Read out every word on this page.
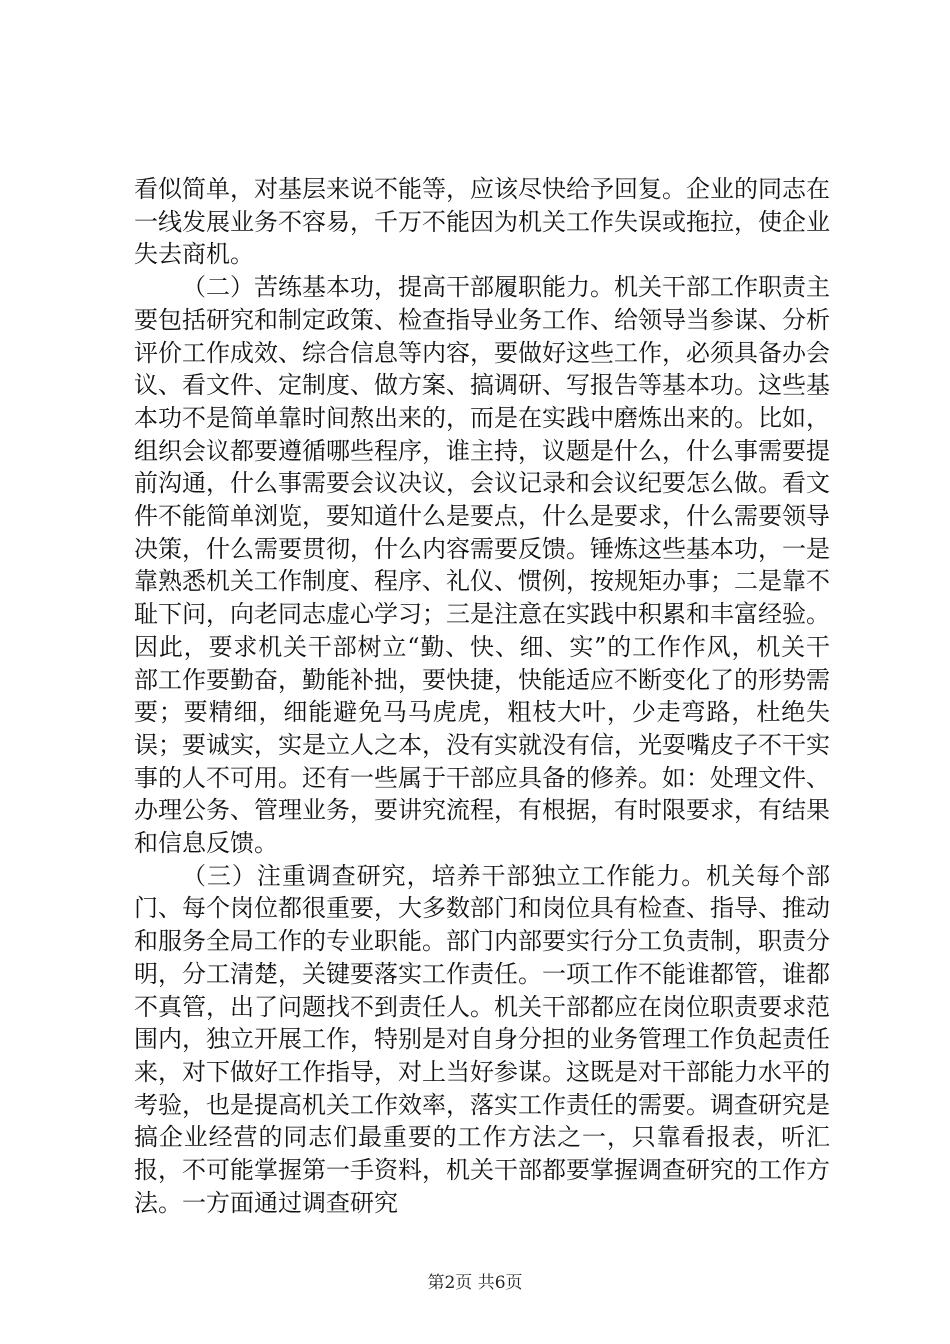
看似简单，对基层来说不能等，应该尽快给予回复。企业的同志在一线发展业务不容易，千万不能因为机关工作失误或拖拉，使企业失去商机。

（二）苦练基本功，提高干部履职能力。机关干部工作职责主要包括研究和制定政策、检查指导业务工作、给领导当参谋、分析评价工作成效、综合信息等内容，要做好这些工作，必须具备办会议、看文件、定制度、做方案、搞调研、写报告等基本功。这些基本功不是简单靠时间熬出来的，而是在实践中磨炼出来的。比如，组织会议都要遵循哪些程序，谁主持，议题是什么，什么事需要提前沟通，什么事需要会议决议，会议记录和会议纪要怎么做。看文件不能简单浏览，要知道什么是要点，什么是要求，什么需要领导决策，什么需要贯彻，什么内容需要反馈。锤炼这些基本功，一是靠熟悉机关工作制度、程序、礼仪、惯例，按规矩办事；二是靠不耻下问，向老同志虚心学习；三是注意在实践中积累和丰富经验。因此，要求机关干部树立“勤、快、细、实”的工作作风，机关干部工作要勤奋，勤能补拙，要快捷，快能适应不断变化了的形势需要；要精细，细能避免马马虎虎，粗枝大叶，少走弯路，杜绝失误；要诚实，实是立人之本，没有实就没有信，光耍嘴皮子不干实事的人不可用。还有一些属于干部应具备的修养。如：处理文件、办理公务、管理业务，要讲究流程，有根据，有时限要求，有结果和信息反馈。

（三）注重调查研究，培养干部独立工作能力。机关每个部门、每个岗位都很重要，大多数部门和岗位具有检查、指导、推动和服务全局工作的专业职能。部门内部要实行分工负责制，职责分明，分工清楚，关键要落实工作责任。一项工作不能谁都管，谁都不真管，出了问题找不到责任人。机关干部都应在岗位职责要求范围内，独立开展工作，特别是对自身分担的业务管理工作负起责任来，对下做好工作指导，对上当好参谋。这既是对干部能力水平的考验，也是提高机关工作效率，落实工作责任的需要。调查研究是搞企业经营的同志们最重要的工作方法之一，只靠看报表，听汇报，不可能掌握第一手资料，机关干部都要掌握调查研究的工作方法。一方面通过调查研究

第2页 共6页
